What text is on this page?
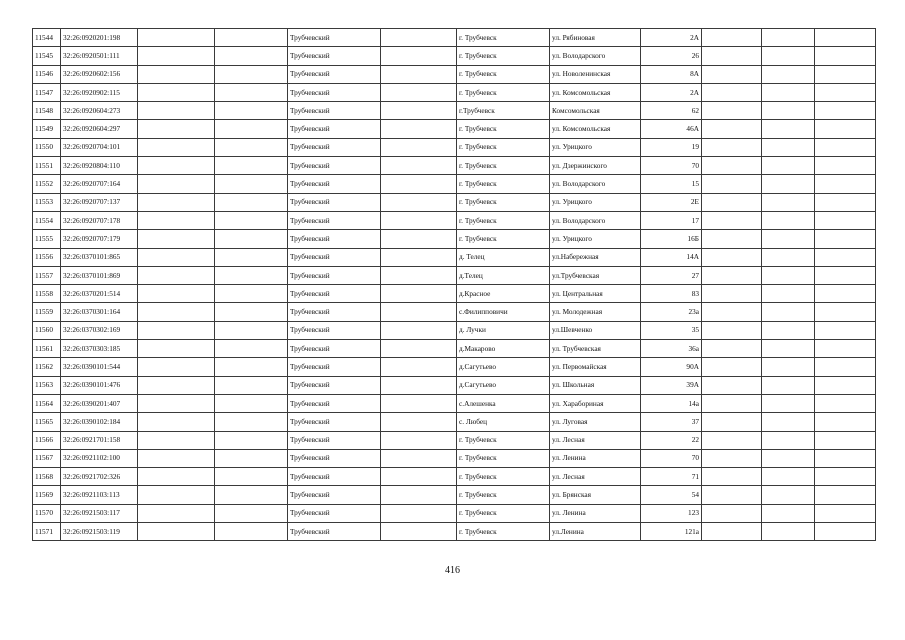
11544	32:26:0920201:198			Трубчевский		г. Трубчевск	ул. Рябиновая	2А			
11545	32:26:0920501:111			Трубчевский		г. Трубчевск	ул. Володарского	26			
11546	32:26:0920602:156			Трубчевский		г. Трубчевск	ул. Новоленинская	8А			
11547	32:26:0920902:115			Трубчевский		г. Трубчевск	ул. Комсомольская	2А			
11548	32:26:0920604:273			Трубчевский		г.Трубчевск	Комсомольская	62			
11549	32:26:0920604:297			Трубчевский		г. Трубчевск	ул. Комсомольская	46А			
11550	32:26:0920704:101			Трубчевский		г. Трубчевск	ул. Урицкого	19			
11551	32:26:0920804:110			Трубчевский		г. Трубчевск	ул. Дзержинского	70			
11552	32:26:0920707:164			Трубчевский		г. Трубчевск	ул. Володарского	15			
11553	32:26:0920707:137			Трубчевский		г. Трубчевск	ул. Урицкого	2Е			
11554	32:26:0920707:178			Трубчевский		г. Трубчевск	ул. Володарского	17			
11555	32:26:0920707:179			Трубчевский		г. Трубчевск	ул. Урицкого	16Б			
11556	32:26:0370101:865			Трубчевский		д. Телец	ул.Набережная	14А			
11557	32:26:0370101:869			Трубчевский		д.Телец	ул.Трубчевская	27			
11558	32:26:0370201:514			Трубчевский		д.Красное	ул. Центральная	83			
11559	32:26:0370301:164			Трубчевский		с.Филипповичи	ул. Молодежная	23а			
11560	32:26:0370302:169			Трубчевский		д. Лучки	ул.Шевченко	35			
11561	32:26:0370303:185			Трубчевский		д.Макарово	ул. Трубчевская	36а			
11562	32:26:0390101:544			Трубчевский		д.Сагутьево	ул. Первомайская	90А			
11563	32:26:0390101:476			Трубчевский		д.Сагутьево	ул. Школьная	39А			
11564	32:26:0390201:407			Трубчевский		с.Алешенка	ул. Харабориная	14а			
11565	32:26:0390102:184			Трубчевский		с. Любец	ул. Луговая	37			
11566	32:26:0921701:158			Трубчевский		г. Трубчевск	ул. Лесная	22			
11567	32:26:0921102:100			Трубчевский		г. Трубчевск	ул. Ленина	70			
11568	32:26:0921702:326			Трубчевский		г. Трубчевск	ул. Лесная	71			
11569	32:26:0921103:113			Трубчевский		г. Трубчевск	ул. Брянская	54			
11570	32:26:0921503:117			Трубчевский		г. Трубчевск	ул. Ленина	123			
11571	32:26:0921503:119			Трубчевский		г. Трубчевск	ул.Ленина	121а			
416
